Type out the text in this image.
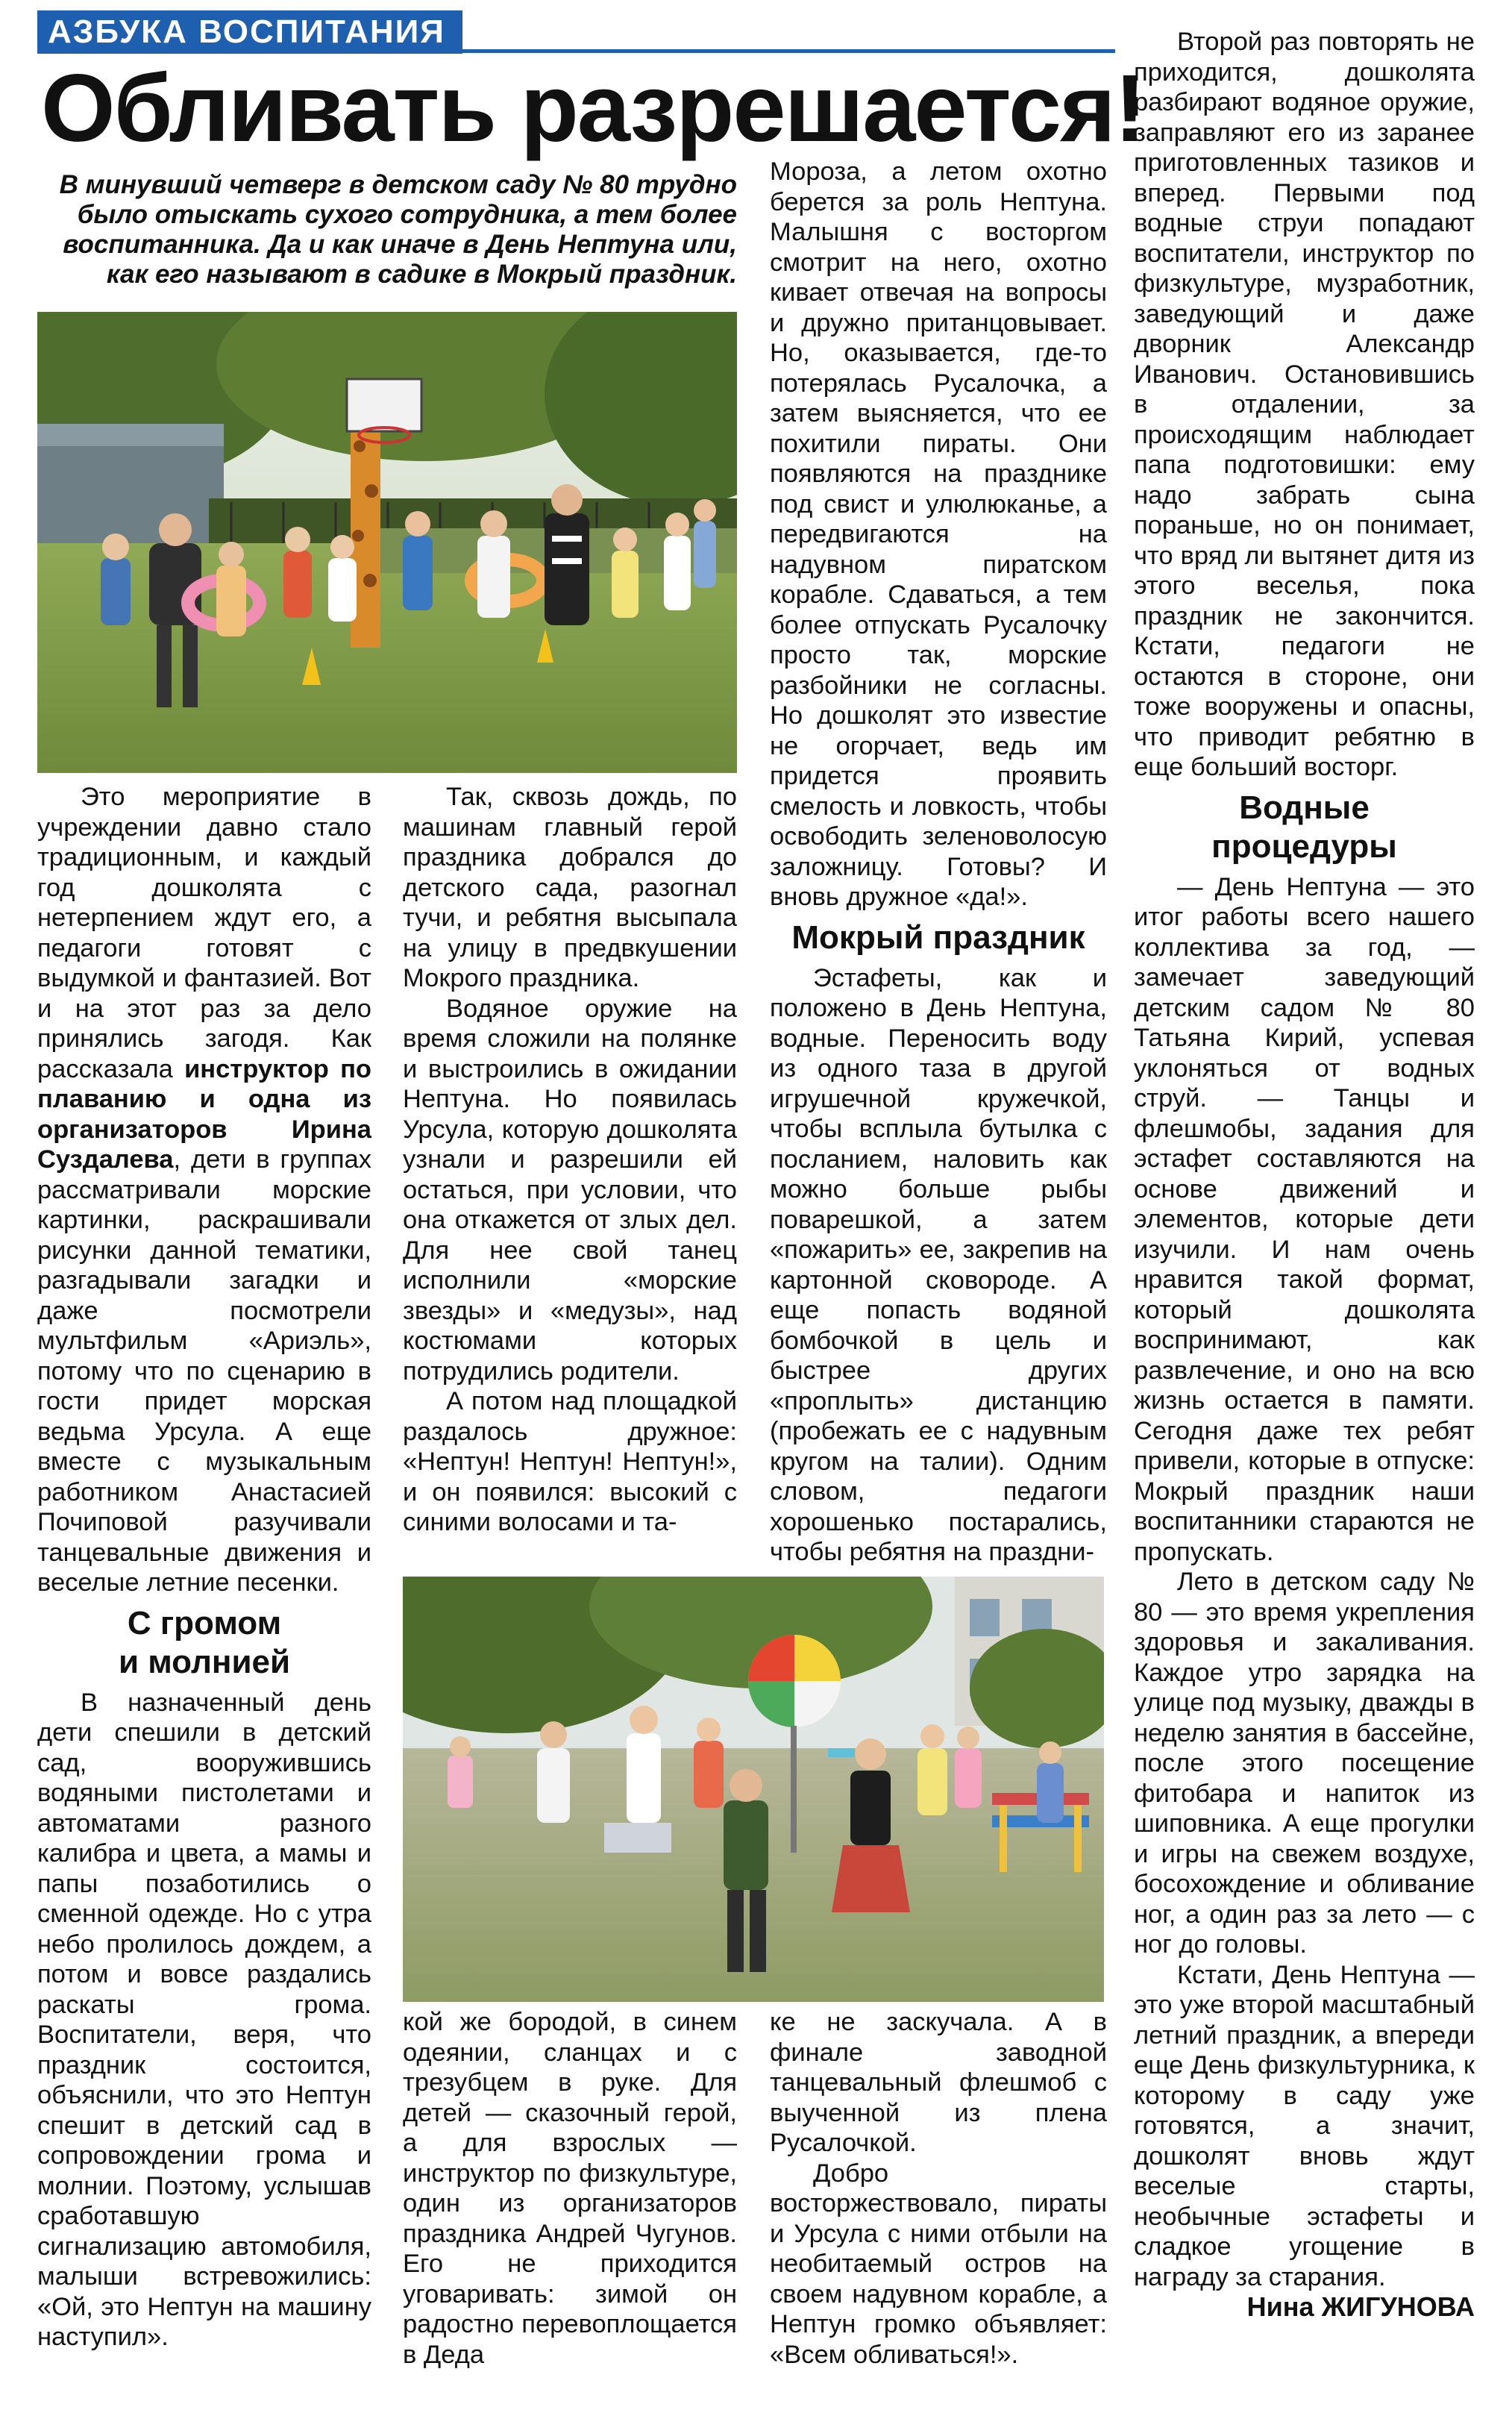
АЗБУКА ВОСПИТАНИЯ
Обливать разрешается!
В минувший четверг в детском саду № 80 трудно было отыскать сухого сотрудника, а тем более воспитанника. Да и как иначе в День Нептуна или, как его называют в садике в Мокрый праздник.

Это мероприятие в учреждении давно стало традиционным, и каждый год дошколята с нетерпением ждут его, а педагоги готовят с выдумкой и фантазией. Вот и на этот раз за дело принялись загодя. Как рассказала инструктор по плаванию и одна из организаторов Ирина Суздалева, дети в группах рассматривали морские картинки, раскрашивали рисунки данной тематики, разгадывали загадки и даже посмотрели мультфильм «Ариэль», потому что по сценарию в гости придет морская ведьма Урсула. А еще вместе с музыкальным работником Анастасией Почиповой разучивали танцевальные движения и веселые летние песенки.

С громом
и молнией

В назначенный день дети спешили в детский сад, вооружившись водяными пистолетами и автоматами разного калибра и цвета, а мамы и папы позаботились о сменной одежде. Но с утра небо пролилось дождем, а потом и вовсе раздались раскаты грома. Воспитатели, веря, что праздник состоится, объяснили, что это Нептун спешит в детский сад в сопровождении грома и молнии. Поэтому, услышав сработавшую сигнализацию автомобиля, малыши встревожились: «Ой, это Нептун на машину наступил».

Так, сквозь дождь, по машинам главный герой праздника добрался до детского сада, разогнал тучи, и ребятня высыпала на улицу в предвкушении Мокрого праздника.

Водяное оружие на время сложили на полянке и выстроились в ожидании Нептуна. Но появилась Урсула, которую дошколята узнали и разрешили ей остаться, при условии, что она откажется от злых дел. Для нее свой танец исполнили «морские звезды» и «медузы», над костюмами которых потрудились родители.

А потом над площадкой раздалось дружное: «Нептун! Нептун! Нептун!», и он появился: высокий с синими волосами и та-

кой же бородой, в синем одеянии, сланцах и с трезубцем в руке. Для детей — сказочный герой, а для взрослых — инструктор по физкультуре, один из организаторов праздника Андрей Чугунов. Его не приходится уговаривать: зимой он радостно перевоплощается в Деда

Мороза, а летом охотно берется за роль Нептуна. Малышня с восторгом смотрит на него, охотно кивает отвечая на вопросы и дружно пританцовывает. Но, оказывается, где-то потерялась Русалочка, а затем выясняется, что ее похитили пираты. Они появляются на празднике под свист и улюлюканье, а передвигаются на надувном пиратском корабле. Сдаваться, а тем более отпускать Русалочку просто так, морские разбойники не согласны. Но дошколят это известие не огорчает, ведь им придется проявить смелость и ловкость, чтобы освободить зеленоволосую заложницу. Готовы? И вновь дружное «да!».

Мокрый праздник

Эстафеты, как и положено в День Нептуна, водные. Переносить воду из одного тазa в другой игрушечной кружечкой, чтобы всплыла бутылка с посланием, наловить как можно больше рыбы поварешкой, а затем «пожарить» ее, закрепив на картонной сковороде. А еще попасть водяной бомбочкой в цель и быстрее других «проплыть» дистанцию (пробежать ее с надувным кругом на талии). Одним словом, педагоги хорошенько постарались, чтобы ребятня на праздни-

ке не заскучала. А в финале заводной танцевальный флешмоб с выученной из плена Русалочкой.

Добро восторжествовало, пираты и Урсула с ними отбыли на необитаемый остров на своем надувном корабле, а Нептун громко объявляет: «Всем обливаться!».

Второй раз повторять не приходится, дошколята разбирают водяное оружие, заправляют его из заранее приготовленных тазиков и вперед. Первыми под водные струи попадают воспитатели, инструктор по физкультуре, музработник, заведующий и даже дворник Александр Иванович. Остановившись в отдалении, за происходящим наблюдает папа подготовишки: ему надо забрать сына пораньше, но он понимает, что вряд ли вытянет дитя из этого веселья, пока праздник не закончится. Кстати, педагоги не остаются в стороне, они тоже вооружены и опасны, что приводит ребятню в еще больший восторг.

Водные
процедуры

— День Нептуна — это итог работы всего нашего коллектива за год, — замечает заведующий детским садом № 80 Татьяна Кирий, успевая уклоняться от водных струй. — Танцы и флешмобы, задания для эстафет составляются на основе движений и элементов, которые дети изучили. И нам очень нравится такой формат, который дошколята воспринимают, как развлечение, и оно на всю жизнь остается в памяти. Сегодня даже тех ребят привели, которые в отпуске: Мокрый праздник наши воспитанники стараются не пропускать.

Лето в детском саду № 80 — это время укрепления здоровья и закаливания. Каждое утро зарядка на улице под музыку, дважды в неделю занятия в бассейне, после этого посещение фитобара и напиток из шиповника. А еще прогулки и игры на свежем воздухе, босохождение и обливание ног, а один раз за лето — с ног до головы.

Кстати, День Нептуна — это уже второй масштабный летний праздник, а впереди еще День физкультурника, к которому в саду уже готовятся, а значит, дошколят вновь ждут веселые старты, необычные эстафеты и сладкое угощение в награду за старания.

Нина ЖИГУНОВА
